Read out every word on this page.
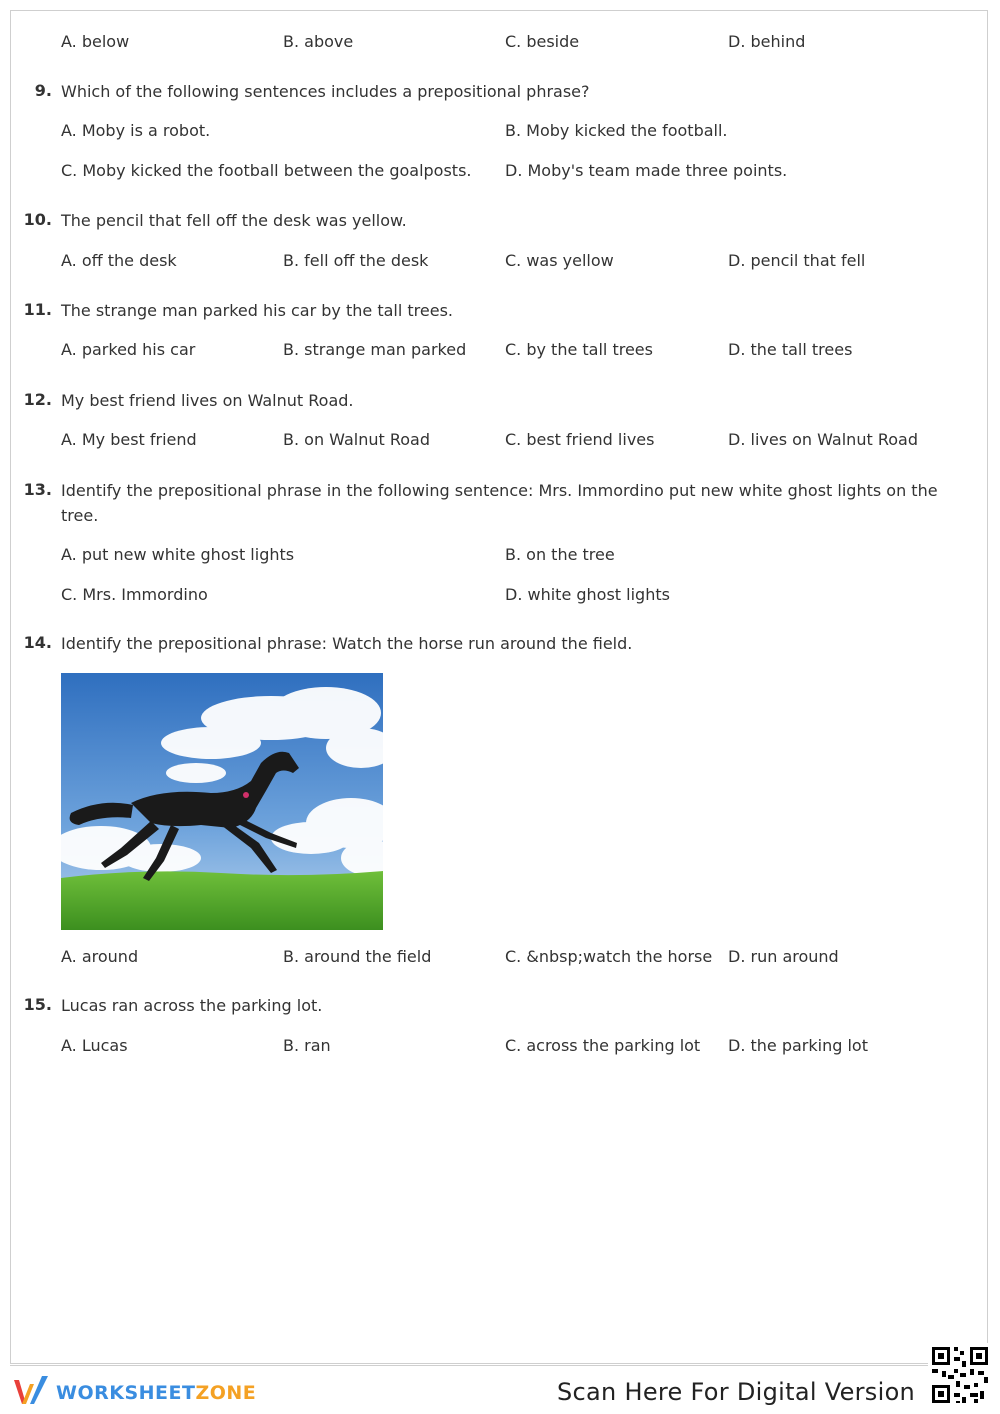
A. below	B. above	C. beside	D. behind
9. Which of the following sentences includes a prepositional phrase?
A. Moby is a robot.	B. Moby kicked the football.
C. Moby kicked the football between the goalposts. D. Moby's team made three points.
10. The pencil that fell off the desk was yellow.
A. off the desk	B. fell off the desk	C. was yellow	D. pencil that fell
11. The strange man parked his car by the tall trees.
A. parked his car	B. strange man parked C. by the tall trees	D. the tall trees
12. My best friend lives on Walnut Road.
A. My best friend	B. on Walnut Road	C. best friend lives	D. lives on Walnut Road
13. Identify the prepositional phrase in the following sentence: Mrs. Immordino put new white ghost lights on the
tree.
A. put new white ghost lights	B. on the tree
C. Mrs. Immordino	D. white ghost lights
14. Identify the prepositional phrase: Watch the horse run around the field.
A. around	B. around the field	C. &nbsp;watch the horse D. run around
15. Lucas ran across the parking lot.
A. Lucas	B. ran	C. across the parking lot D. the parking lot
WORKSHEETZONE	Scan Here For Digital Version
